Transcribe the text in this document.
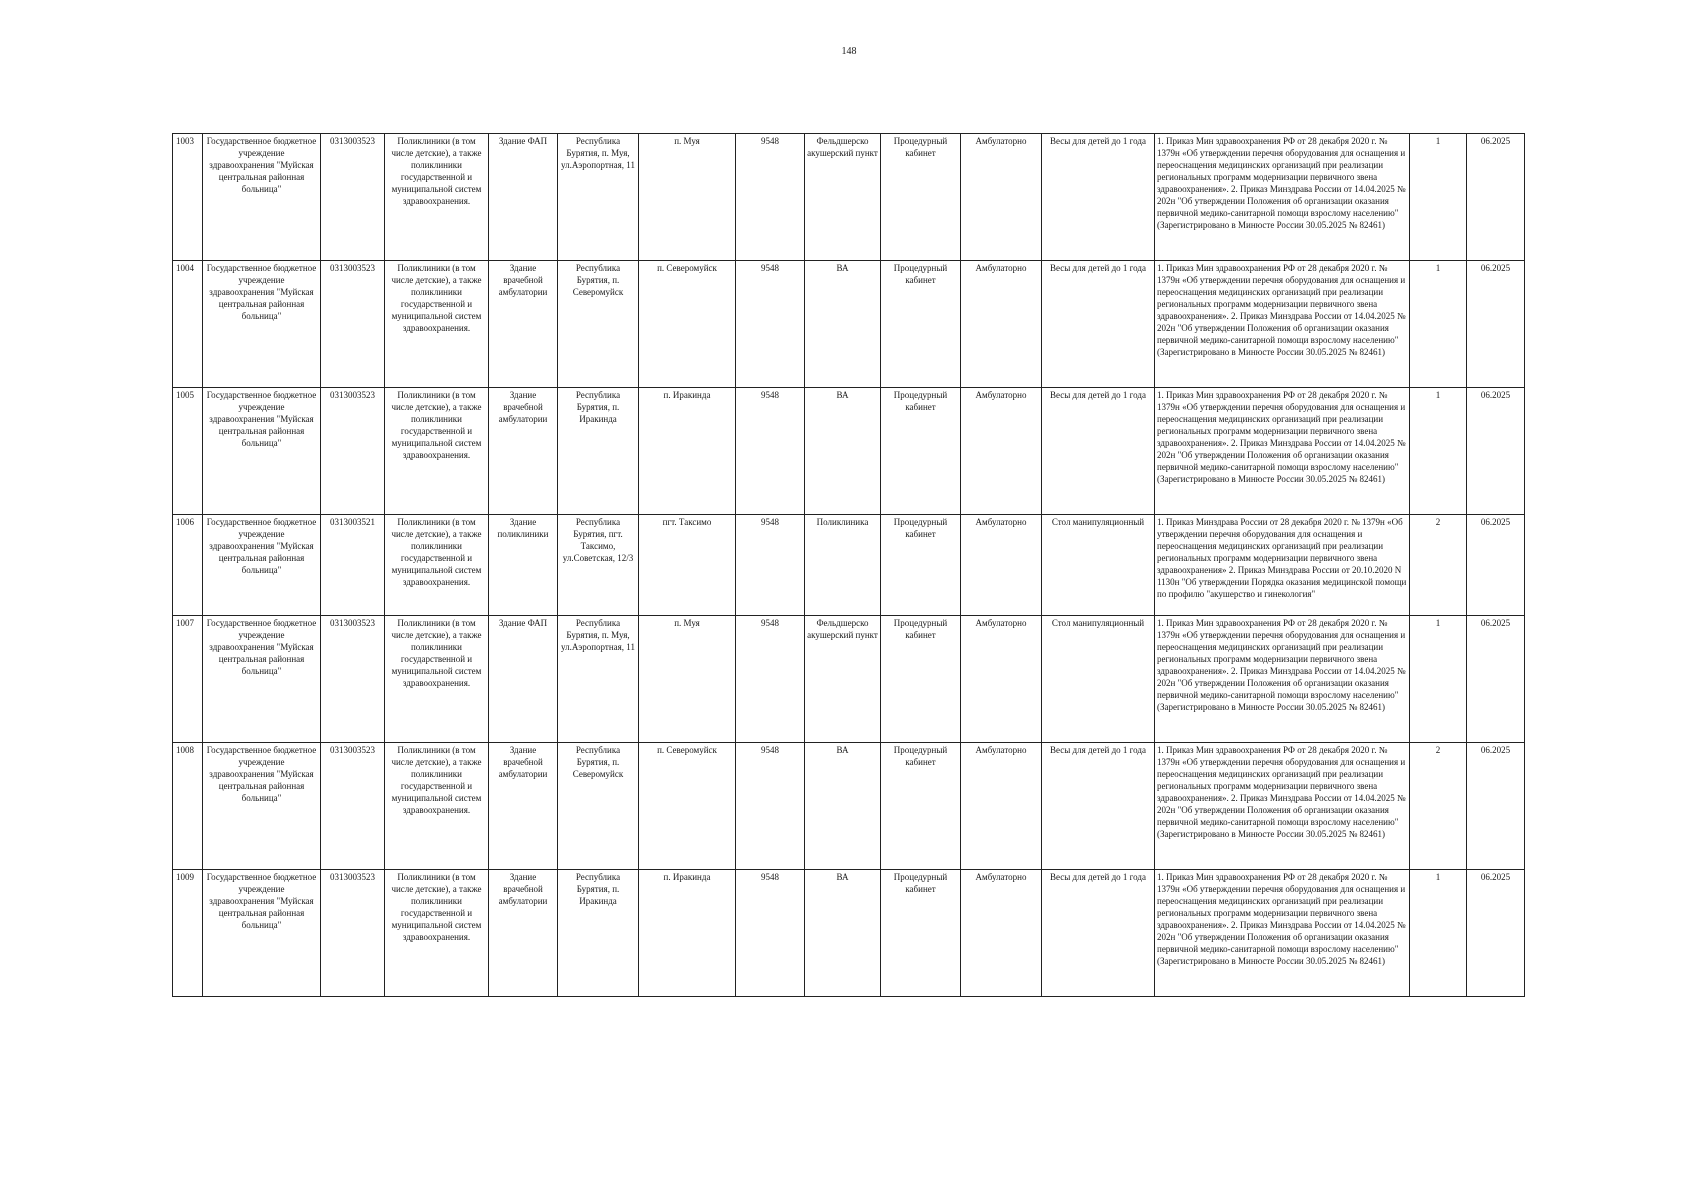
148
1003	Государственное бюджетное учреждение здравоохранения "Муйская центральная районная больница"	0313003523	Поликлиники (в том числе детские), а также поликлиники государственной и муниципальной систем здравоохранения.	Здание ФАП	Республика Бурятия, п. Муя, ул.Аэропортная, 11	п. Муя	9548	Фельдшерско акушерский пункт	Процедурный кабинет	Амбулаторно	Весы для детей до 1 года	1. Приказ Мин здравоохранения РФ от 28 декабря 2020 г. № 1379н «Об утверждении перечня оборудования для оснащения и переоснащения медицинских организаций при реализации региональных программ модернизации первичного звена здравоохранения». 2. Приказ Минздрава России от 14.04.2025 № 202н "Об утверждении Положения об организации оказания первичной медико-санитарной помощи взрослому населению" (Зарегистрировано в Минюсте России 30.05.2025 № 82461)	1	06.2025
1004	Государственное бюджетное учреждение здравоохранения "Муйская центральная районная больница"	0313003523	Поликлиники (в том числе детские), а также поликлиники государственной и муниципальной систем здравоохранения.	Здание врачебной амбулатории	Республика Бурятия, п. Северомуйск	п. Северомуйск	9548	ВА	Процедурный кабинет	Амбулаторно	Весы для детей до 1 года	1. Приказ Мин здравоохранения РФ от 28 декабря 2020 г. № 1379н «Об утверждении перечня оборудования для оснащения и переоснащения медицинских организаций при реализации региональных программ модернизации первичного звена здравоохранения». 2. Приказ Минздрава России от 14.04.2025 № 202н "Об утверждении Положения об организации оказания первичной медико-санитарной помощи взрослому населению" (Зарегистрировано в Минюсте России 30.05.2025 № 82461)	1	06.2025
1005	Государственное бюджетное учреждение здравоохранения "Муйская центральная районная больница"	0313003523	Поликлиники (в том числе детские), а также поликлиники государственной и муниципальной систем здравоохранения.	Здание врачебной амбулатории	Республика Бурятия, п. Иракинда	п. Иракинда	9548	ВА	Процедурный кабинет	Амбулаторно	Весы для детей до 1 года	1. Приказ Мин здравоохранения РФ от 28 декабря 2020 г. № 1379н «Об утверждении перечня оборудования для оснащения и переоснащения медицинских организаций при реализации региональных программ модернизации первичного звена здравоохранения». 2. Приказ Минздрава России от 14.04.2025 № 202н "Об утверждении Положения об организации оказания первичной медико-санитарной помощи взрослому населению" (Зарегистрировано в Минюсте России 30.05.2025 № 82461)	1	06.2025
1006	Государственное бюджетное учреждение здравоохранения "Муйская центральная районная больница"	0313003521	Поликлиники (в том числе детские), а также поликлиники государственной и муниципальной систем здравоохранения.	Здание поликлиники	Республика Бурятия, пгт. Таксимо, ул.Советская, 12/3	пгт. Таксимо	9548	Поликлиника	Процедурный кабинет	Амбулаторно	Стол манипуляционный	1. Приказ Минздрава России от 28 декабря 2020 г. № 1379н «Об утверждении перечня оборудования для оснащения и переоснащения медицинских организаций при реализации региональных программ модернизации первичного звена здравоохранения» 2. Приказ Минздрава России от 20.10.2020 N 1130н "Об утверждении Порядка оказания медицинской помощи по профилю "акушерство и гинекология"	2	06.2025
1007	Государственное бюджетное учреждение здравоохранения "Муйская центральная районная больница"	0313003523	Поликлиники (в том числе детские), а также поликлиники государственной и муниципальной систем здравоохранения.	Здание ФАП	Республика Бурятия, п. Муя, ул.Аэропортная, 11	п. Муя	9548	Фельдшерско акушерский пункт	Процедурный кабинет	Амбулаторно	Стол манипуляционный	1. Приказ Мин здравоохранения РФ от 28 декабря 2020 г. № 1379н «Об утверждении перечня оборудования для оснащения и переоснащения медицинских организаций при реализации региональных программ модернизации первичного звена здравоохранения». 2. Приказ Минздрава России от 14.04.2025 № 202н "Об утверждении Положения об организации оказания первичной медико-санитарной помощи взрослому населению" (Зарегистрировано в Минюсте России 30.05.2025 № 82461)	1	06.2025
1008	Государственное бюджетное учреждение здравоохранения "Муйская центральная районная больница"	0313003523	Поликлиники (в том числе детские), а также поликлиники государственной и муниципальной систем здравоохранения.	Здание врачебной амбулатории	Республика Бурятия, п. Северомуйск	п. Северомуйск	9548	ВА	Процедурный кабинет	Амбулаторно	Весы для детей до 1 года	1. Приказ Мин здравоохранения РФ от 28 декабря 2020 г. № 1379н «Об утверждении перечня оборудования для оснащения и переоснащения медицинских организаций при реализации региональных программ модернизации первичного звена здравоохранения». 2. Приказ Минздрава России от 14.04.2025 № 202н "Об утверждении Положения об организации оказания первичной медико-санитарной помощи взрослому населению" (Зарегистрировано в Минюсте России 30.05.2025 № 82461)	2	06.2025
1009	Государственное бюджетное учреждение здравоохранения "Муйская центральная районная больница"	0313003523	Поликлиники (в том числе детские), а также поликлиники государственной и муниципальной систем здравоохранения.	Здание врачебной амбулатории	Республика Бурятия, п. Иракинда	п. Иракинда	9548	ВА	Процедурный кабинет	Амбулаторно	Весы для детей до 1 года	1. Приказ Мин здравоохранения РФ от 28 декабря 2020 г. № 1379н «Об утверждении перечня оборудования для оснащения и переоснащения медицинских организаций при реализации региональных программ модернизации первичного звена здравоохранения». 2. Приказ Минздрава России от 14.04.2025 № 202н "Об утверждении Положения об организации оказания первичной медико-санитарной помощи взрослому населению" (Зарегистрировано в Минюсте России 30.05.2025 № 82461)	1	06.2025
